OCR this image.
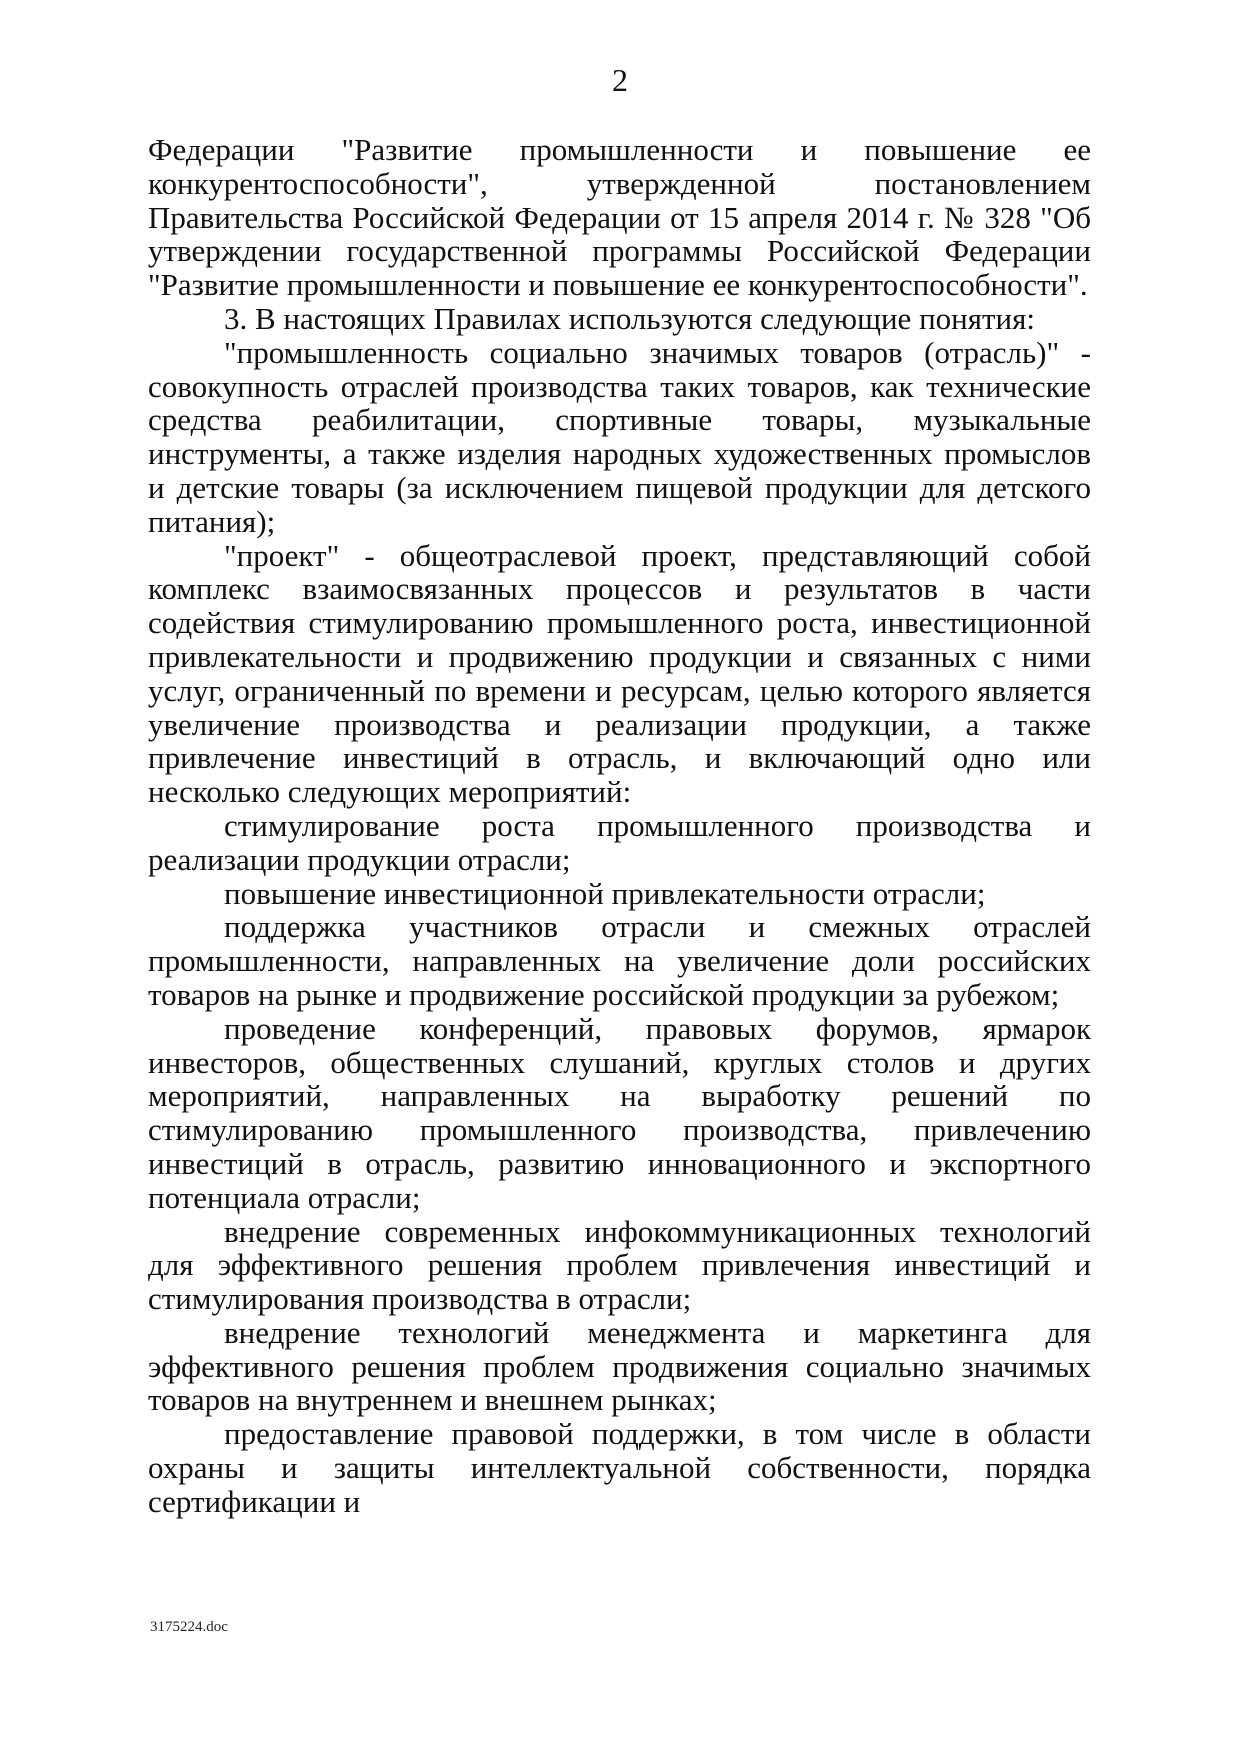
2

Федерации "Развитие промышленности и повышение ее конкурентоспособности", утвержденной постановлением Правительства Российской Федерации от 15 апреля 2014 г. № 328 "Об утверждении государственной программы Российской Федерации "Развитие промышленности и повышение ее конкурентоспособности".

3. В настоящих Правилах используются следующие понятия:

"промышленность социально значимых товаров (отрасль)" - совокупность отраслей производства таких товаров, как технические средства реабилитации, спортивные товары, музыкальные инструменты, а также изделия народных художественных промыслов и детские товары (за исключением пищевой продукции для детского питания);

"проект" - общеотраслевой проект, представляющий собой комплекс взаимосвязанных процессов и результатов в части содействия стимулированию промышленного роста, инвестиционной привлекательности и продвижению продукции и связанных с ними услуг, ограниченный по времени и ресурсам, целью которого является увеличение производства и реализации продукции, а также привлечение инвестиций в отрасль, и включающий одно или несколько следующих мероприятий:

стимулирование роста промышленного производства и реализации продукции отрасли;

повышение инвестиционной привлекательности отрасли;

поддержка участников отрасли и смежных отраслей промышленности, направленных на увеличение доли российских товаров на рынке и продвижение российской продукции за рубежом;

проведение конференций, правовых форумов, ярмарок инвесторов, общественных слушаний, круглых столов и других мероприятий, направленных на выработку решений по стимулированию промышленного производства, привлечению инвестиций в отрасль, развитию инновационного и экспортного потенциала отрасли;

внедрение современных инфокоммуникационных технологий для эффективного решения проблем привлечения инвестиций и стимулирования производства в отрасли;

внедрение технологий менеджмента и маркетинга для эффективного решения проблем продвижения социально значимых товаров на внутреннем и внешнем рынках;

предоставление правовой поддержки, в том числе в области охраны и защиты интеллектуальной собственности, порядка сертификации и

3175224.doc
